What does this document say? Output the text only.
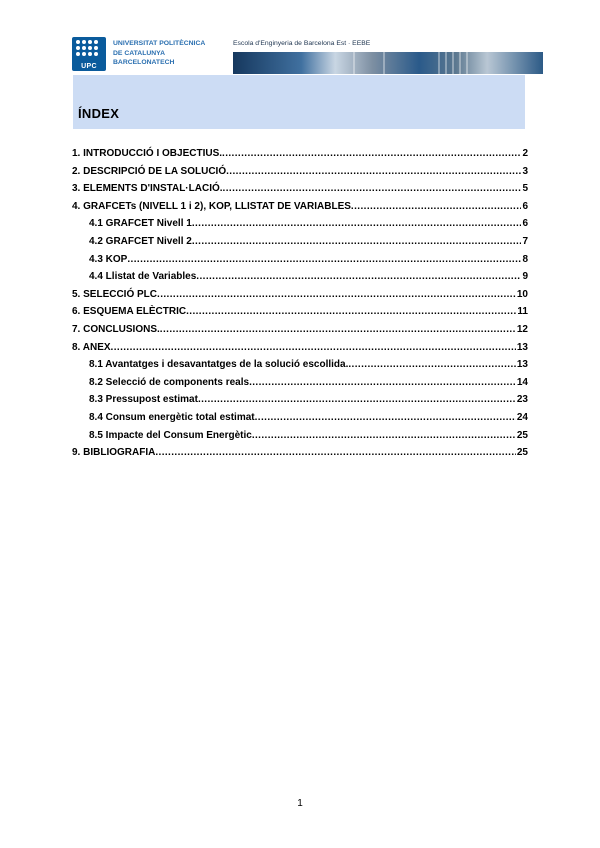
UPC
UNIVERSITAT POLITÈCNICA
DE CATALUNYA
BARCELONATECH
Escola d'Enginyeria de Barcelona Est · EEBE
ÍNDEX
1. INTRODUCCIÓ I OBJECTIUS. .....	2
2. DESCRIPCIÓ DE LA SOLUCIÓ .....	3
3. ELEMENTS D'INSTAL·LACIÓ. .....	5
4. GRAFCETs (NIVELL 1 i 2), KOP, LLISTAT DE VARIABLES .....	6
4.1 GRAFCET Nivell 1 .....	6
4.2 GRAFCET Nivell 2 .....	7
4.3 KOP .....	8
4.4 Llistat de Variables .....	9
5. SELECCIÓ PLC .....	10
6. ESQUEMA ELÈCTRIC .....	11
7. CONCLUSIONS. .....	12
8. ANEX .....	13
8.1 Avantatges i desavantatges de la solució escollida. .....	13
8.2 Selecció de components reals .....	14
8.3 Pressupost estimat .....	23
8.4 Consum energètic total estimat .....	24
8.5 Impacte del Consum Energètic .....	25
9. BIBLIOGRAFIA .....	25
1
